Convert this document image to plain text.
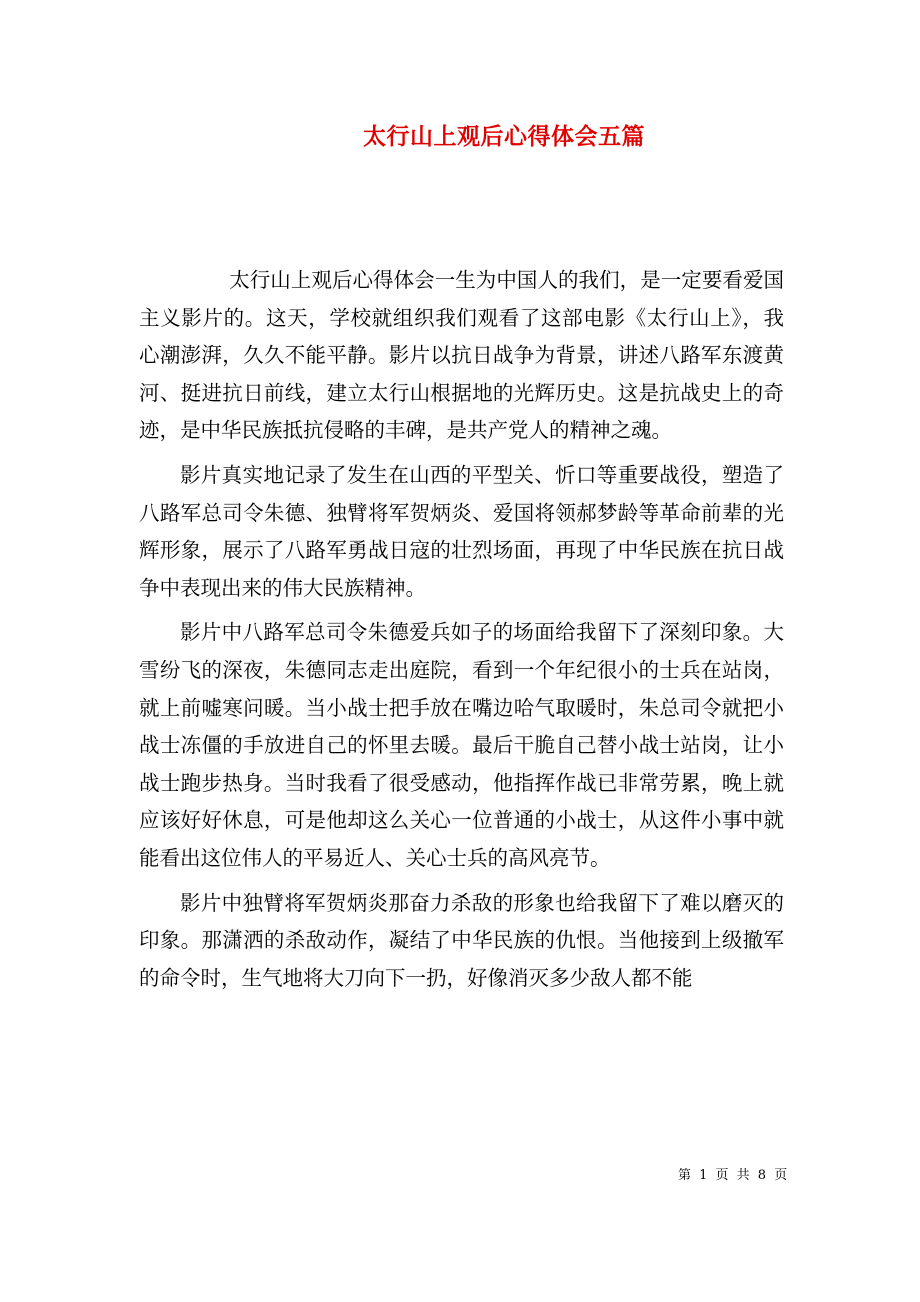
太行山上观后心得体会五篇

太行山上观后心得体会一生为中国人的我们，是一定要看爱国主义影片的。这天，学校就组织我们观看了这部电影《太行山上》，我心潮澎湃，久久不能平静。影片以抗日战争为背景，讲述八路军东渡黄河、挺进抗日前线，建立太行山根据地的光辉历史。这是抗战史上的奇迹，是中华民族抵抗侵略的丰碑，是共产党人的精神之魂。

影片真实地记录了发生在山西的平型关、忻口等重要战役，塑造了八路军总司令朱德、独臂将军贺炳炎、爱国将领郝梦龄等革命前辈的光辉形象，展示了八路军勇战日寇的壮烈场面，再现了中华民族在抗日战争中表现出来的伟大民族精神。

影片中八路军总司令朱德爱兵如子的场面给我留下了深刻印象。大雪纷飞的深夜，朱德同志走出庭院，看到一个年纪很小的士兵在站岗，就上前嘘寒问暖。当小战士把手放在嘴边哈气取暖时，朱总司令就把小战士冻僵的手放进自己的怀里去暖。最后干脆自己替小战士站岗，让小战士跑步热身。当时我看了很受感动，他指挥作战已非常劳累，晚上就应该好好休息，可是他却这么关心一位普通的小战士，从这件小事中就能看出这位伟人的平易近人、关心士兵的高风亮节。

影片中独臂将军贺炳炎那奋力杀敌的形象也给我留下了难以磨灭的印象。那潇洒的杀敌动作，凝结了中华民族的仇恨。当他接到上级撤军的命令时，生气地将大刀向下一扔，好像消灭多少敌人都不能

第 1 页 共 8 页
